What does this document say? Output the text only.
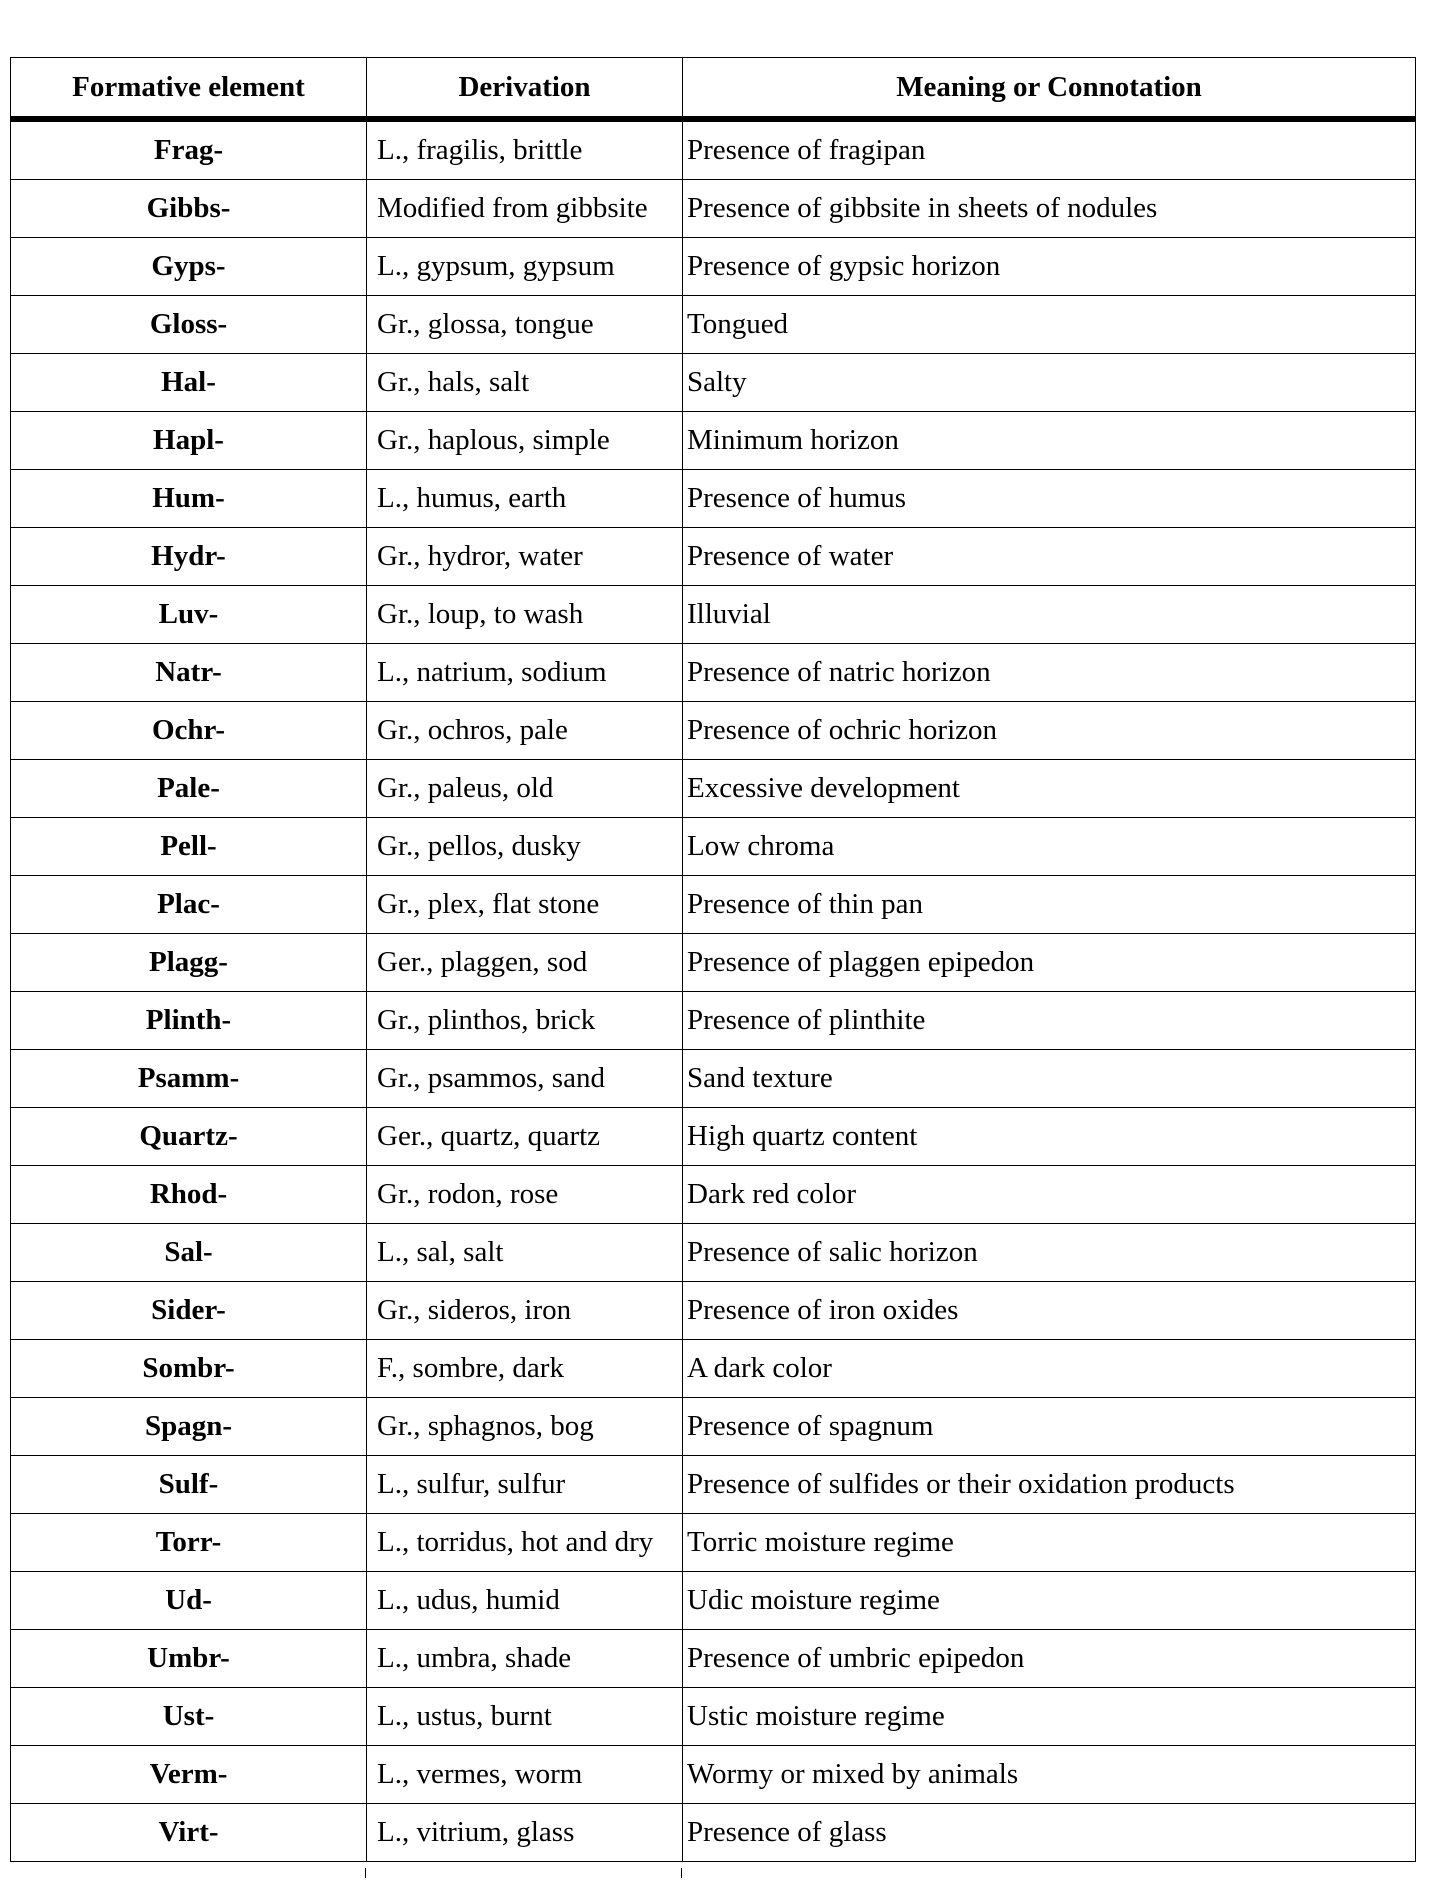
Formative element	Derivation	Meaning or Connotation
Frag-	L., fragilis, brittle	Presence of fragipan
Gibbs-	Modified from gibbsite	Presence of gibbsite in sheets of nodules
Gyps-	L., gypsum, gypsum	Presence of gypsic horizon
Gloss-	Gr., glossa, tongue	Tongued
Hal-	Gr., hals, salt	Salty
Hapl-	Gr., haplous, simple	Minimum horizon
Hum-	L., humus, earth	Presence of humus
Hydr-	Gr., hydror, water	Presence of water
Luv-	Gr., loup, to wash	Illuvial
Natr-	L., natrium, sodium	Presence of natric horizon
Ochr-	Gr., ochros, pale	Presence of ochric horizon
Pale-	Gr., paleus, old	Excessive development
Pell-	Gr., pellos, dusky	Low chroma
Plac-	Gr., plex, flat stone	Presence of thin pan
Plagg-	Ger., plaggen, sod	Presence of plaggen epipedon
Plinth-	Gr., plinthos, brick	Presence of plinthite
Psamm-	Gr., psammos, sand	Sand texture
Quartz-	Ger., quartz, quartz	High quartz content
Rhod-	Gr., rodon, rose	Dark red color
Sal-	L., sal, salt	Presence of salic horizon
Sider-	Gr., sideros, iron	Presence of iron oxides
Sombr-	F., sombre, dark	A dark color
Spagn-	Gr., sphagnos, bog	Presence of spagnum
Sulf-	L., sulfur, sulfur	Presence of sulfides or their oxidation products
Torr-	L., torridus, hot and dry	Torric moisture regime
Ud-	L., udus, humid	Udic moisture regime
Umbr-	L., umbra, shade	Presence of umbric epipedon
Ust-	L., ustus, burnt	Ustic moisture regime
Verm-	L., vermes, worm	Wormy or mixed by animals
Virt-	L., vitrium, glass	Presence of glass
